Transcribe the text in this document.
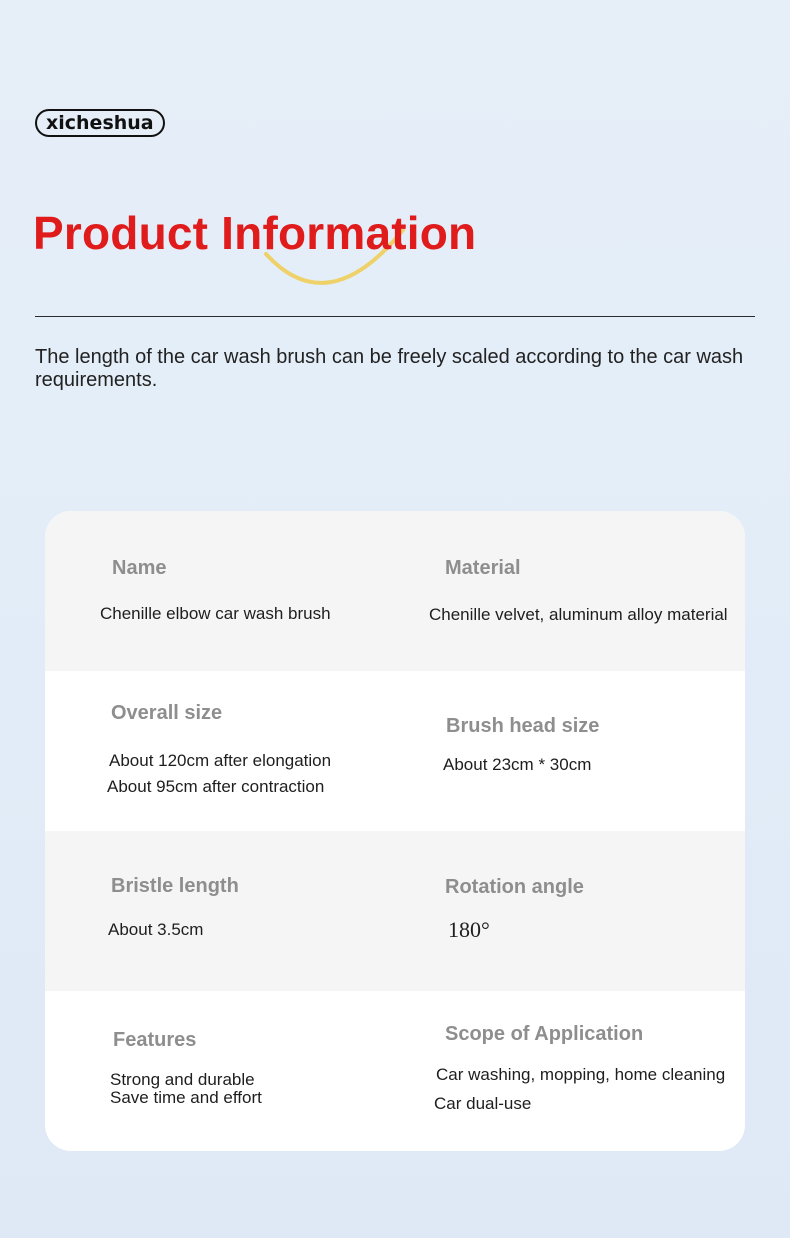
xicheshua
Product Information

The length of the car wash brush can be freely scaled according to the car wash requirements.

Name

Chenille elbow car wash brush

Material

Chenille velvet, aluminum alloy material

Overall size

About 120cm after elongation

About 95cm after contraction

Brush head size

About 23cm * 30cm

Bristle length

About 3.5cm

Rotation angle

180°

Features

Strong and durable

Save time and effort

Scope of Application

Car washing, mopping, home cleaning

Car dual-use
